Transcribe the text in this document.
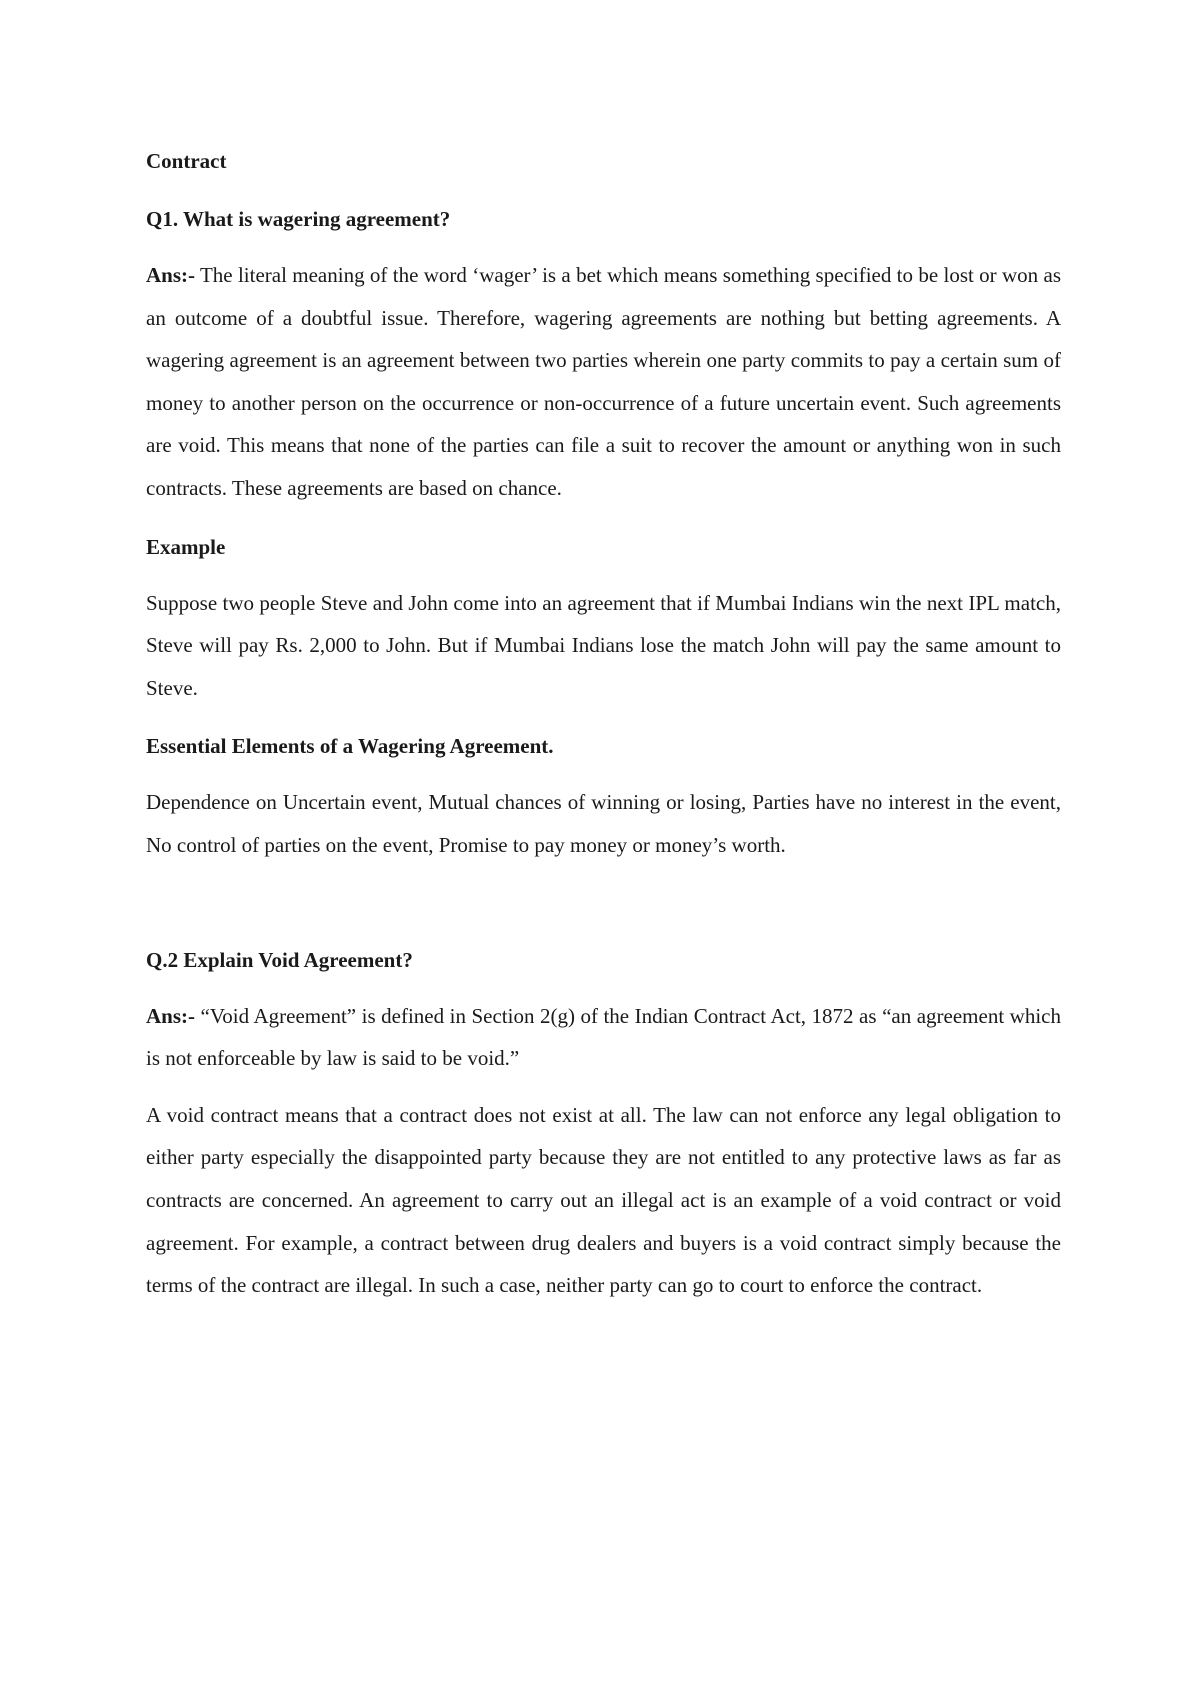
Contract
Q1. What is wagering agreement?

Ans:- The literal meaning of the word ‘wager’ is a bet which means something specified to be lost or won as an outcome of a doubtful issue. Therefore, wagering agreements are nothing but betting agreements. A wagering agreement is an agreement between two parties wherein one party commits to pay a certain sum of money to another person on the occurrence or non-occurrence of a future uncertain event. Such agreements are void. This means that none of the parties can file a suit to recover the amount or anything won in such contracts. These agreements are based on chance.

Example

Suppose two people Steve and John come into an agreement that if Mumbai Indians win the next IPL match, Steve will pay Rs. 2,000 to John. But if Mumbai Indians lose the match John will pay the same amount to Steve.

Essential Elements of a Wagering Agreement.

Dependence on Uncertain event, Mutual chances of winning or losing, Parties have no interest in the event, No control of parties on the event, Promise to pay money or money’s worth.

Q.2 Explain Void Agreement?

Ans:- “Void Agreement” is defined in Section 2(g) of the Indian Contract Act, 1872 as “an agreement which is not enforceable by law is said to be void.”

A void contract means that a contract does not exist at all. The law can not enforce any legal obligation to either party especially the disappointed party because they are not entitled to any protective laws as far as contracts are concerned. An agreement to carry out an illegal act is an example of a void contract or void agreement. For example, a contract between drug dealers and buyers is a void contract simply because the terms of the contract are illegal. In such a case, neither party can go to court to enforce the contract.
